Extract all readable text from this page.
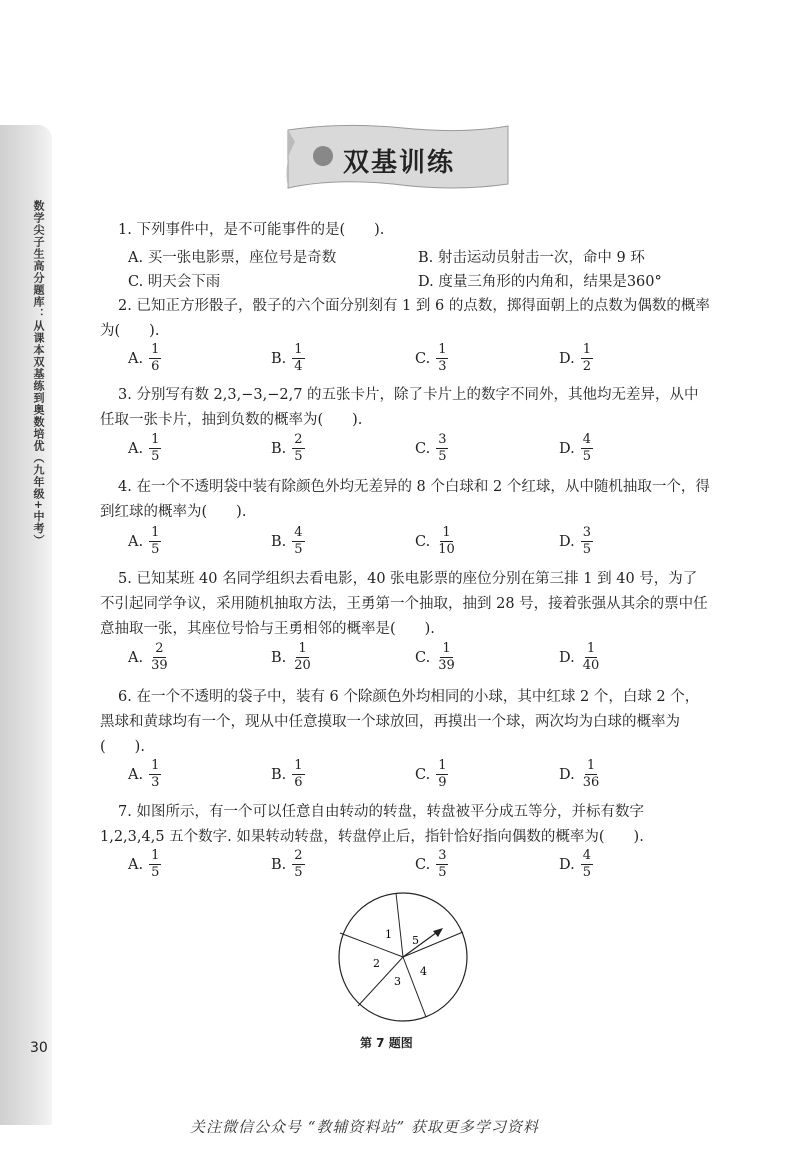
数学尖子生高分题库：从课本双基练到奥数培优（九年级+中考）
双基训练
1. 下列事件中，是不可能事件的是(　　).
A. 买一张电影票，座位号是奇数	B. 射击运动员射击一次，命中 9 环
C. 明天会下雨	D. 度量三角形的内角和，结果是360°
2. 已知正方形骰子，骰子的六个面分别刻有 1 到 6 的点数，掷得面朝上的点数为偶数的概率为(　　).
A. $\frac{1}{6}$	B. $\frac{1}{4}$	C. $\frac{1}{3}$	D. $\frac{1}{2}$
3. 分别写有数 2,3,−3,−2,7 的五张卡片，除了卡片上的数字不同外，其他均无差异，从中任取一张卡片，抽到负数的概率为(　　).
A. $\frac{1}{5}$	B. $\frac{2}{5}$	C. $\frac{3}{5}$	D. $\frac{4}{5}$
4. 在一个不透明袋中装有除颜色外均无差异的 8 个白球和 2 个红球，从中随机抽取一个，得到红球的概率为(　　).
A. $\frac{1}{5}$	B. $\frac{4}{5}$	C. $\frac{1}{10}$	D. $\frac{3}{5}$
5. 已知某班 40 名同学组织去看电影，40 张电影票的座位分别在第三排 1 到 40 号，为了不引起同学争议，采用随机抽取方法，王勇第一个抽取，抽到 28 号，接着张强从其余的票中任意抽取一张，其座位号恰与王勇相邻的概率是(　　).
A. $\frac{2}{39}$	B. $\frac{1}{20}$	C. $\frac{1}{39}$	D. $\frac{1}{40}$
6. 在一个不透明的袋子中，装有 6 个除颜色外均相同的小球，其中红球 2 个，白球 2 个，黑球和黄球均有一个，现从中任意摸取一个球放回，再摸出一个球，两次均为白球的概率为(　　).
A. $\frac{1}{3}$	B. $\frac{1}{6}$	C. $\frac{1}{9}$	D. $\frac{1}{36}$
7. 如图所示，有一个可以任意自由转动的转盘，转盘被平分成五等分，并标有数字 1,2,3,4,5 五个数字. 如果转动转盘，转盘停止后，指针恰好指向偶数的概率为(　　).
A. $\frac{1}{5}$	B. $\frac{2}{5}$	C. $\frac{3}{5}$	D. $\frac{4}{5}$
1
2
3
4
5
第 7 题图
30
关注微信公众号 “教辅资料站” 获取更多学习资料
